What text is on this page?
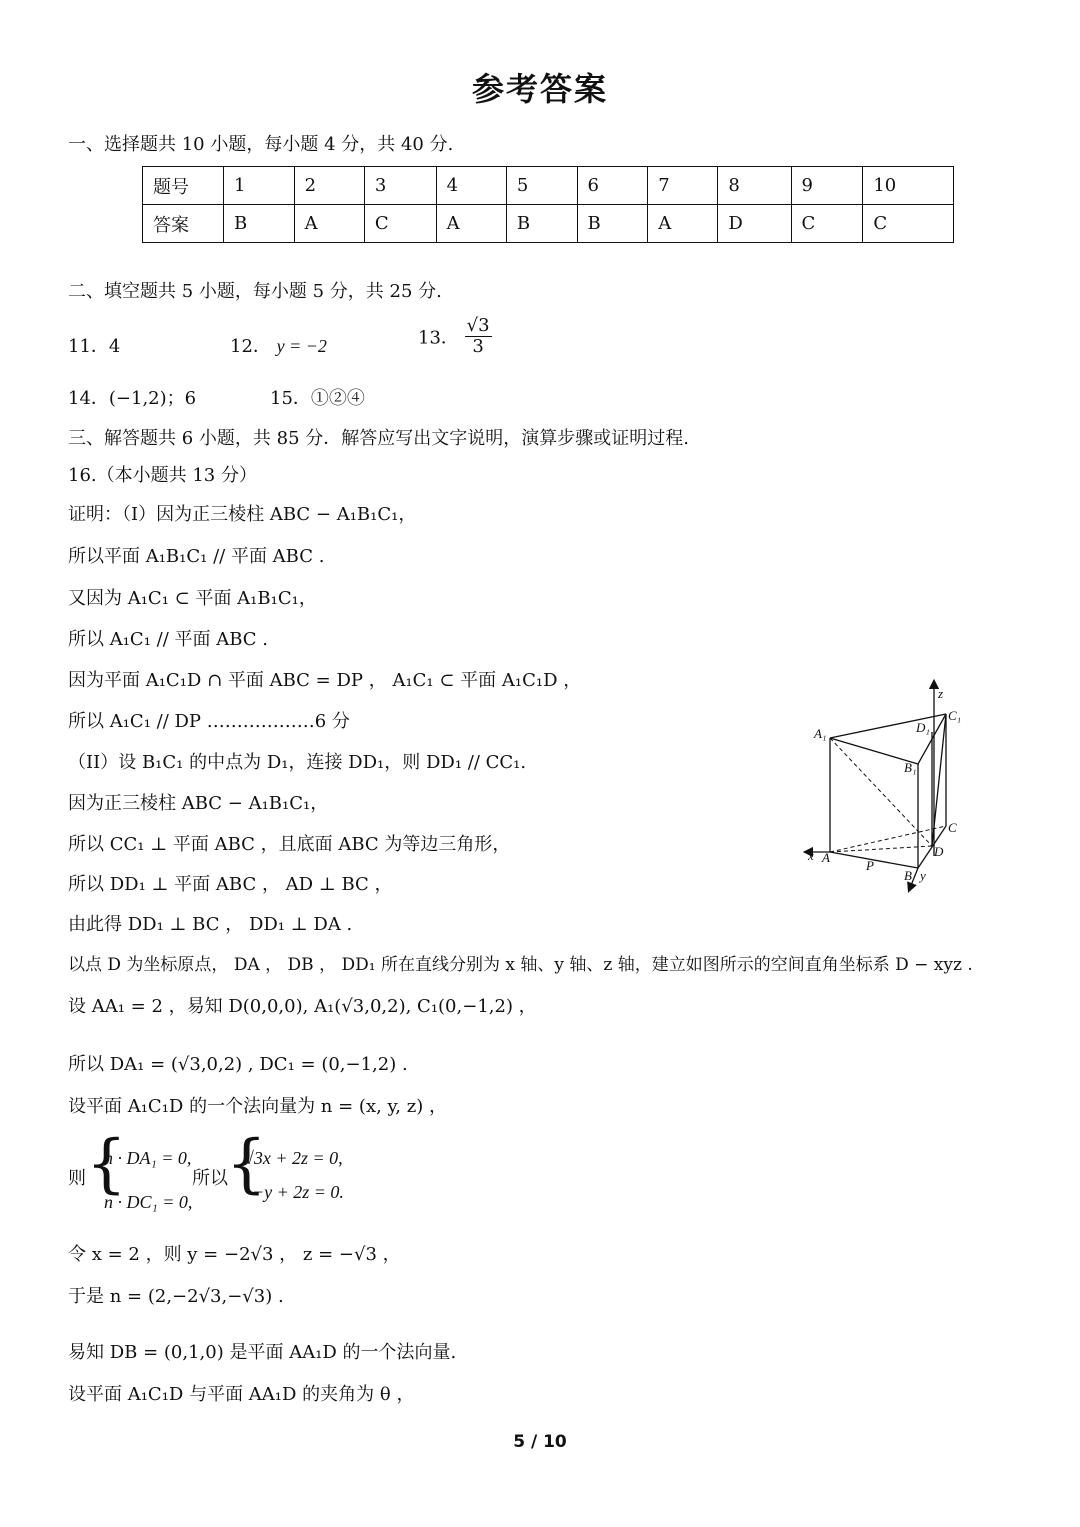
参考答案
一、选择题共 10 小题，每小题 4 分，共 40 分.
题号	1	2	3	4	5	6	7	8	9	10
答案	B	A	C	A	B	B	A	D	C	C
二、填空题共 5 小题，每小题 5 分，共 25 分.
11．4	12． y = −2	13． $\frac{√3}{3}$
14．(−1,2)；6	15．①②④
三、解答题共 6 小题，共 85 分．解答应写出文字说明，演算步骤或证明过程.
16.（本小题共 13 分）
证明：（I）因为正三棱柱 ABC − A₁B₁C₁，
所以平面 A₁B₁C₁ // 平面 ABC .
又因为 A₁C₁ ⊂ 平面 A₁B₁C₁，
所以 A₁C₁ // 平面 ABC .
因为平面 A₁C₁D ∩ 平面 ABC = DP ， A₁C₁ ⊂ 平面 A₁C₁D ，
所以 A₁C₁ // DP ………………6 分
（II）设 B₁C₁ 的中点为 D₁，连接 DD₁，则 DD₁ // CC₁.
因为正三棱柱 ABC − A₁B₁C₁，
所以 CC₁ ⊥ 平面 ABC ，且底面 ABC 为等边三角形，
所以 DD₁ ⊥ 平面 ABC ， AD ⊥ BC ，
由此得 DD₁ ⊥ BC ， DD₁ ⊥ DA .
以点 D 为坐标原点， DA ， DB ， DD₁ 所在直线分别为 x 轴、y 轴、z 轴，建立如图所示的空间直角坐标系 D − xyz .
设 AA₁ = 2 ，易知 D(0,0,0), A₁(√3,0,2), C₁(0,−1,2) ，
所以 DA₁ = (√3,0,2) , DC₁ = (0,−1,2) .
设平面 A₁C₁D 的一个法向量为 n = (x, y, z) ，
则 {
n · DA₁ = 0,
n · DC₁ = 0,
所以
{
√3x + 2z = 0,
−y + 2z = 0.
令 x = 2 ，则 y = −2√3 ， z = −√3 ，
于是 n = (2,−2√3,−√3) .
易知 DB = (0,1,0) 是平面 AA₁D 的一个法向量.
设平面 A₁C₁D 与平面 AA₁D 的夹角为 θ ，
A₁
B₁
C₁
D₁
A
B
C
D
P
x
y
z
5 / 10
